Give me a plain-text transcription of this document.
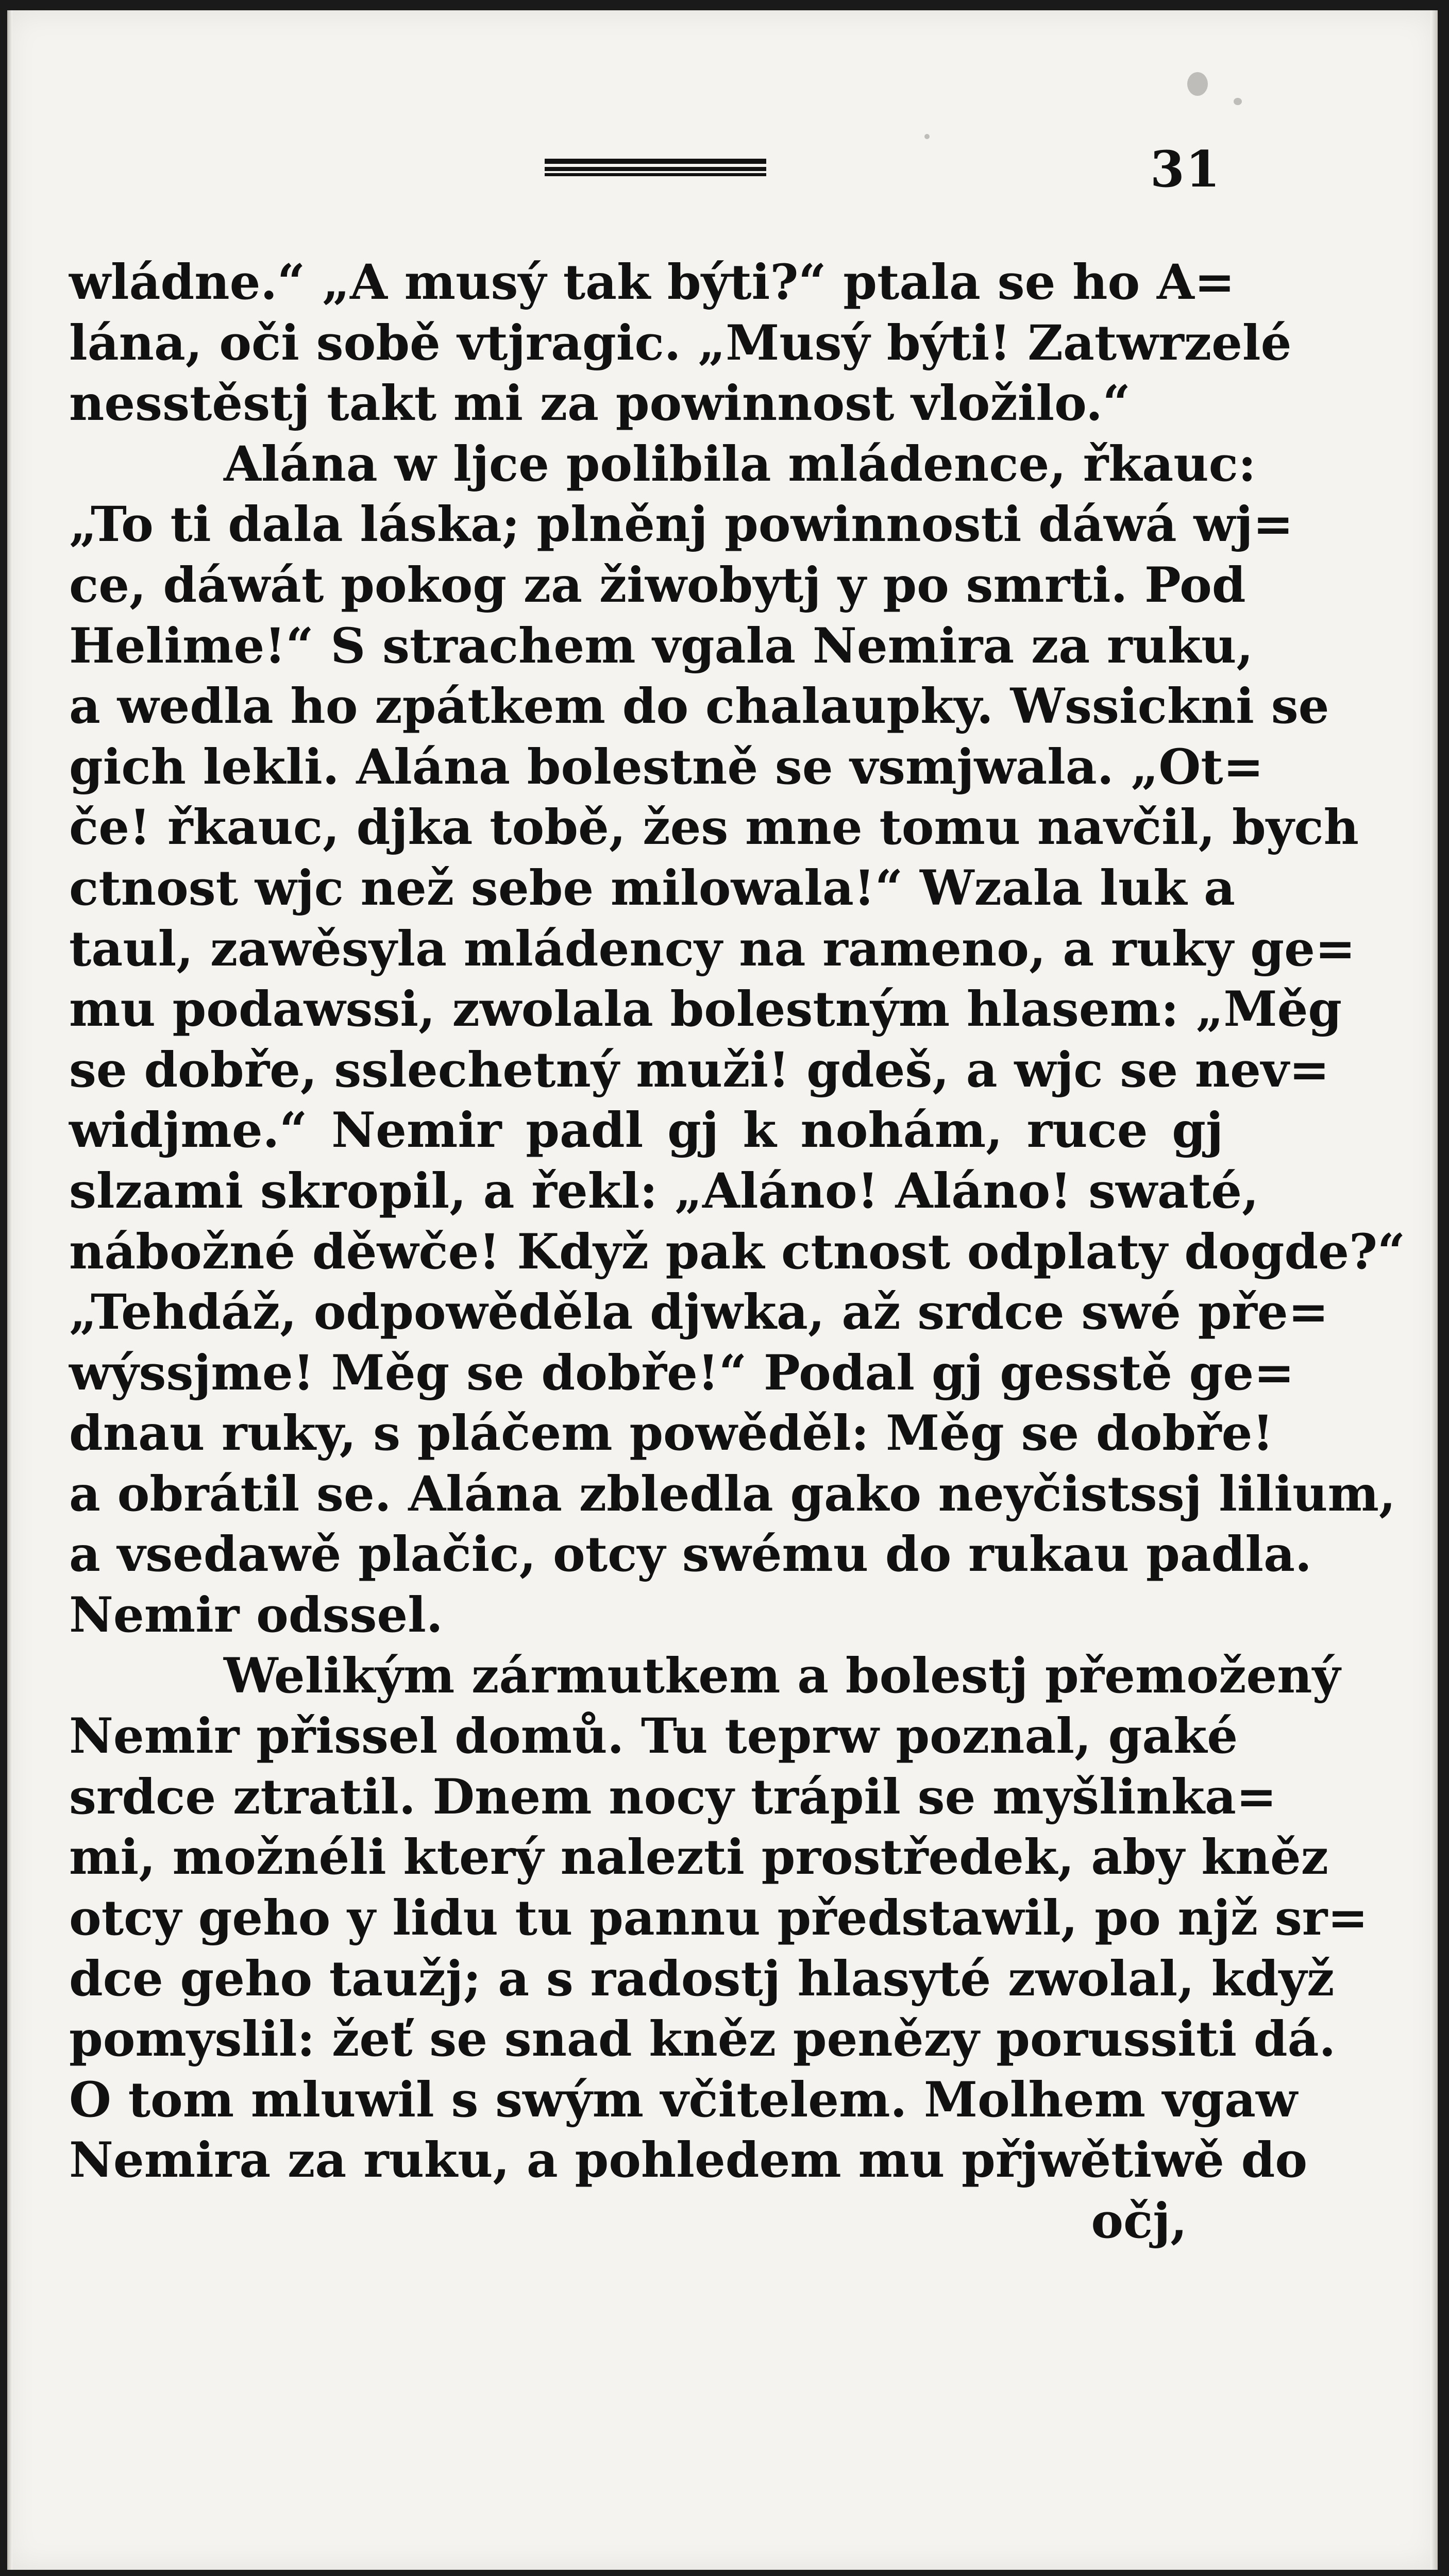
31
wládne.“ „A musý tak býti?“ ptala se ho A=
lána, oči sobě vtjragic. „Musý býti! Zatwrzelé
nesstěstj takt mi za powinnost vložilo.“
Alána w ljce polibila mládence, řkauc:
„To ti dala láska; plněnj powinnosti dáwá wj=
ce, dáwát pokog za žiwobytj y po smrti. Pod
Helime!“ S strachem vgala Nemira za ruku,
a wedla ho zpátkem do chalaupky. Wssickni se
gich lekli. Alána bolestně se vsmjwala. „Ot=
če! řkauc, djka tobě, žes mne tomu navčil, bych
ctnost wjc než sebe milowala!“ Wzala luk a
taul, zawěsyla mládency na rameno, a ruky ge=
mu podawssi, zwolala bolestným hlasem: „Měg
se dobře, sslechetný muži! gdeš, a wjc se nev=
widjme.“ Nemir padl gj k nohám, ruce gj
slzami skropil, a řekl: „Aláno! Aláno! swaté,
nábožné děwče! Když pak ctnost odplaty dogde?“
„Tehdáž, odpowěděla djwka, až srdce swé pře=
wýssjme! Měg se dobře!“ Podal gj gesstě ge=
dnau ruky, s pláčem powěděl: Měg se dobře!
a obrátil se. Alána zbledla gako neyčistssj lilium,
a vsedawě plačic, otcy swému do rukau padla.
Nemir odssel.
Welikým zármutkem a bolestj přemožený
Nemir přissel domů. Tu teprw poznal, gaké
srdce ztratil. Dnem nocy trápil se myšlinka=
mi, možnéli který nalezti prostředek, aby kněz
otcy geho y lidu tu pannu předstawil, po njž sr=
dce geho taužj; a s radostj hlasyté zwolal, když
pomyslil: žeť se snad kněz penězy porussiti dá.
O tom mluwil s swým včitelem. Molhem vgaw
Nemira za ruku, a pohledem mu přjwětiwě do
očj,
